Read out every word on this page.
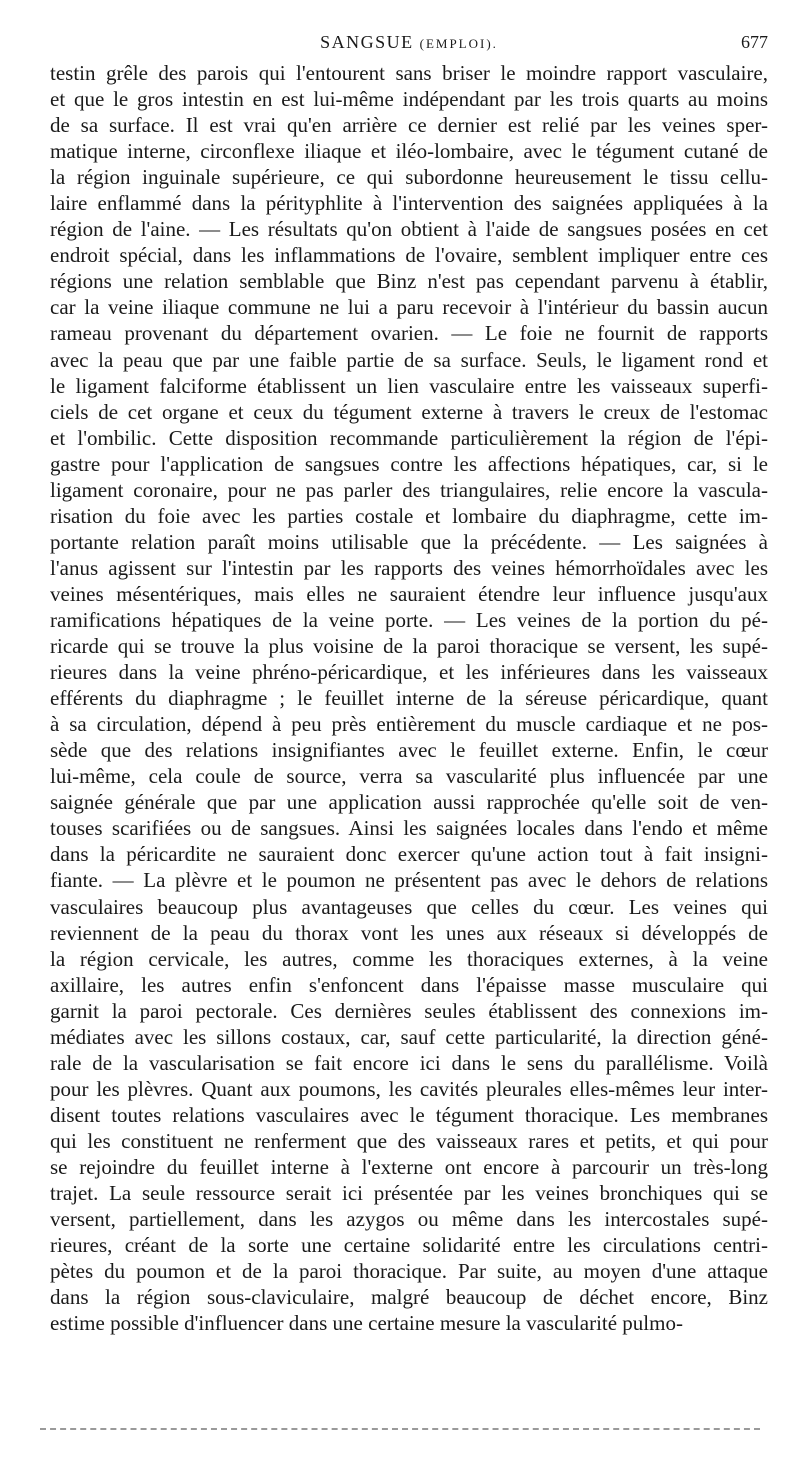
SANGSUE (EMPLOI).	677
testin grêle des parois qui l'entourent sans briser le moindre rapport vasculaire,
et que le gros intestin en est lui-même indépendant par les trois quarts au moins
de sa surface. Il est vrai qu'en arrière ce dernier est relié par les veines sper-
matique interne, circonflexe iliaque et iléo-lombaire, avec le tégument cutané de
la région inguinale supérieure, ce qui subordonne heureusement le tissu cellu-
laire enflammé dans la pérityphlite à l'intervention des saignées appliquées à la
région de l'aine. — Les résultats qu'on obtient à l'aide de sangsues posées en cet
endroit spécial, dans les inflammations de l'ovaire, semblent impliquer entre ces
régions une relation semblable que Binz n'est pas cependant parvenu à établir,
car la veine iliaque commune ne lui a paru recevoir à l'intérieur du bassin aucun
rameau provenant du département ovarien. — Le foie ne fournit de rapports
avec la peau que par une faible partie de sa surface. Seuls, le ligament rond et
le ligament falciforme établissent un lien vasculaire entre les vaisseaux superfi-
ciels de cet organe et ceux du tégument externe à travers le creux de l'estomac
et l'ombilic. Cette disposition recommande particulièrement la région de l'épi-
gastre pour l'application de sangsues contre les affections hépatiques, car, si le
ligament coronaire, pour ne pas parler des triangulaires, relie encore la vascula-
risation du foie avec les parties costale et lombaire du diaphragme, cette im-
portante relation paraît moins utilisable que la précédente. — Les saignées à
l'anus agissent sur l'intestin par les rapports des veines hémorrhoïdales avec les
veines mésentériques, mais elles ne sauraient étendre leur influence jusqu'aux
ramifications hépatiques de la veine porte. — Les veines de la portion du pé-
ricarde qui se trouve la plus voisine de la paroi thoracique se versent, les supé-
rieures dans la veine phréno-péricardique, et les inférieures dans les vaisseaux
efférents du diaphragme ; le feuillet interne de la séreuse péricardique, quant
à sa circulation, dépend à peu près entièrement du muscle cardiaque et ne pos-
sède que des relations insignifiantes avec le feuillet externe. Enfin, le cœur
lui-même, cela coule de source, verra sa vascularité plus influencée par une
saignée générale que par une application aussi rapprochée qu'elle soit de ven-
touses scarifiées ou de sangsues. Ainsi les saignées locales dans l'endo et même
dans la péricardite ne sauraient donc exercer qu'une action tout à fait insigni-
fiante. — La plèvre et le poumon ne présentent pas avec le dehors de relations
vasculaires beaucoup plus avantageuses que celles du cœur. Les veines qui
reviennent de la peau du thorax vont les unes aux réseaux si développés de
la région cervicale, les autres, comme les thoraciques externes, à la veine
axillaire, les autres enfin s'enfoncent dans l'épaisse masse musculaire qui
garnit la paroi pectorale. Ces dernières seules établissent des connexions im-
médiates avec les sillons costaux, car, sauf cette particularité, la direction géné-
rale de la vascularisation se fait encore ici dans le sens du parallélisme. Voilà
pour les plèvres. Quant aux poumons, les cavités pleurales elles-mêmes leur inter-
disent toutes relations vasculaires avec le tégument thoracique. Les membranes
qui les constituent ne renferment que des vaisseaux rares et petits, et qui pour
se rejoindre du feuillet interne à l'externe ont encore à parcourir un très-long
trajet. La seule ressource serait ici présentée par les veines bronchiques qui se
versent, partiellement, dans les azygos ou même dans les intercostales supé-
rieures, créant de la sorte une certaine solidarité entre les circulations centri-
pètes du poumon et de la paroi thoracique. Par suite, au moyen d'une attaque
dans la région sous-claviculaire, malgré beaucoup de déchet encore, Binz
estime possible d'influencer dans une certaine mesure la vascularité pulmo-
